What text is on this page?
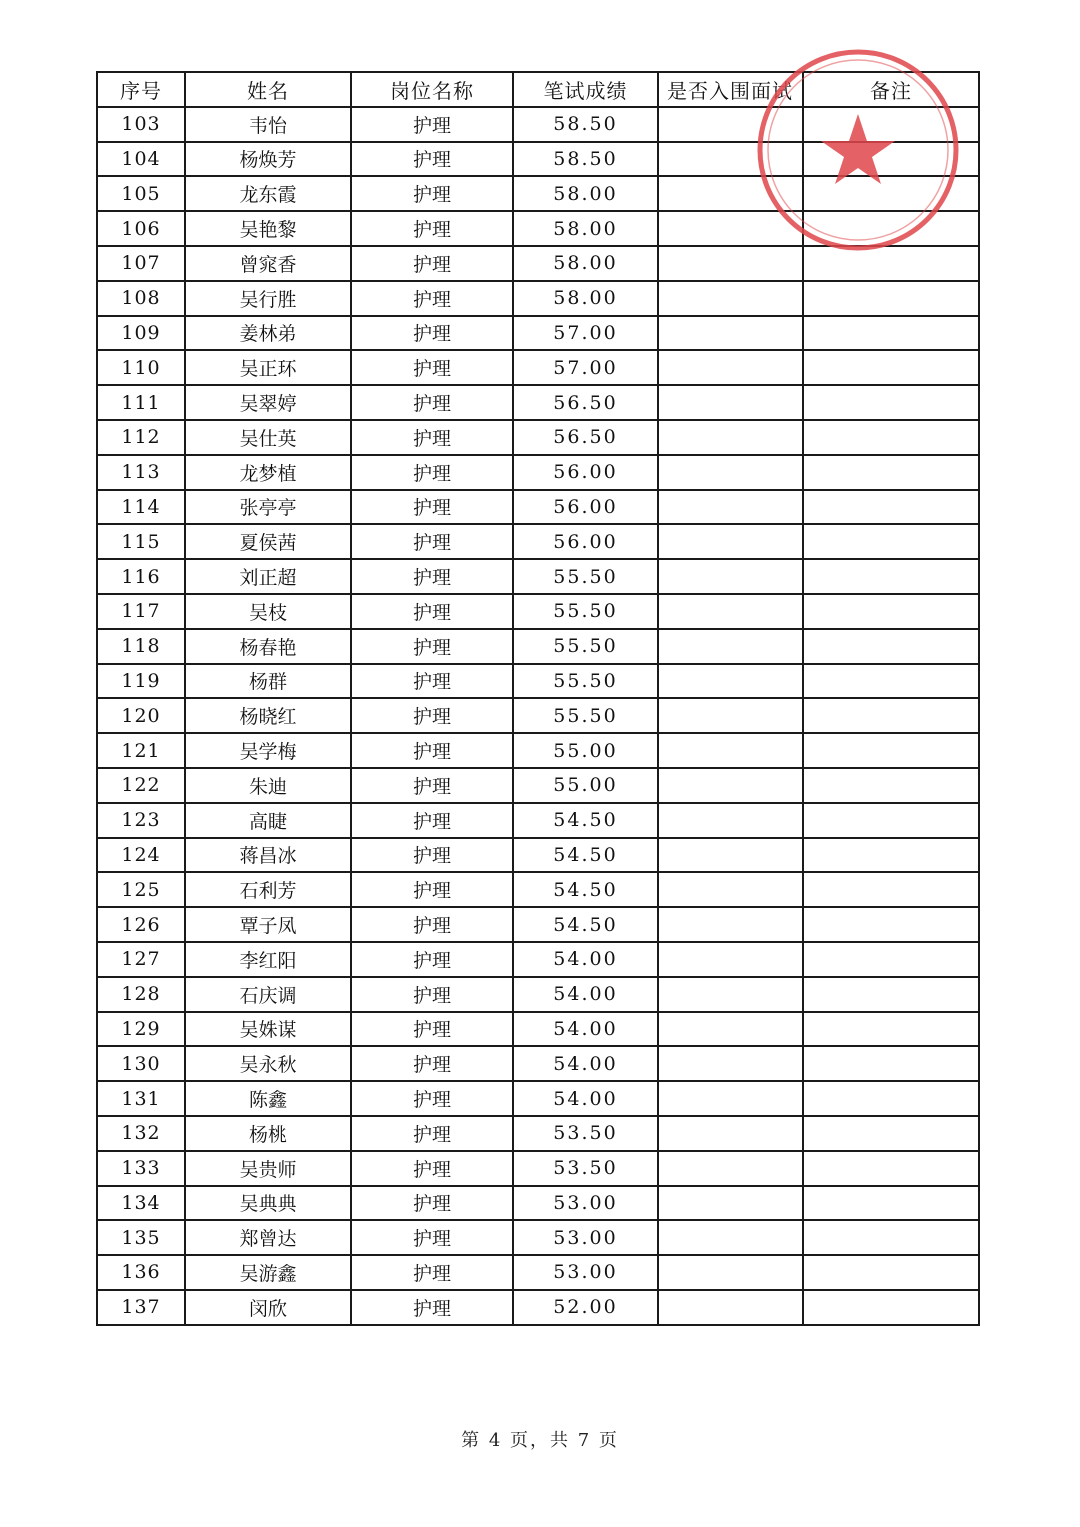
序号	姓名	岗位名称	笔试成绩	是否入围面试	备注
103	韦怡	护理	58.50		
104	杨焕芳	护理	58.50		
105	龙东霞	护理	58.00		
106	吴艳黎	护理	58.00		
107	曾窕香	护理	58.00		
108	吴行胜	护理	58.00		
109	姜林弟	护理	57.00		
110	吴正环	护理	57.00		
111	吴翠婷	护理	56.50		
112	吴仕英	护理	56.50		
113	龙梦植	护理	56.00		
114	张亭亭	护理	56.00		
115	夏侯茜	护理	56.00		
116	刘正超	护理	55.50		
117	吴枝	护理	55.50		
118	杨春艳	护理	55.50		
119	杨群	护理	55.50		
120	杨晓红	护理	55.50		
121	吴学梅	护理	55.00		
122	朱迪	护理	55.00		
123	高睫	护理	54.50		
124	蒋昌冰	护理	54.50		
125	石利芳	护理	54.50		
126	覃子凤	护理	54.50		
127	李红阳	护理	54.00		
128	石庆调	护理	54.00		
129	吴姝谋	护理	54.00		
130	吴永秋	护理	54.00		
131	陈鑫	护理	54.00		
132	杨桃	护理	53.50		
133	吴贵师	护理	53.50		
134	吴典典	护理	53.00		
135	郑曾达	护理	53.00		
136	吴游鑫	护理	53.00		
137	闵欣	护理	52.00		
第 4 页，共 7 页
